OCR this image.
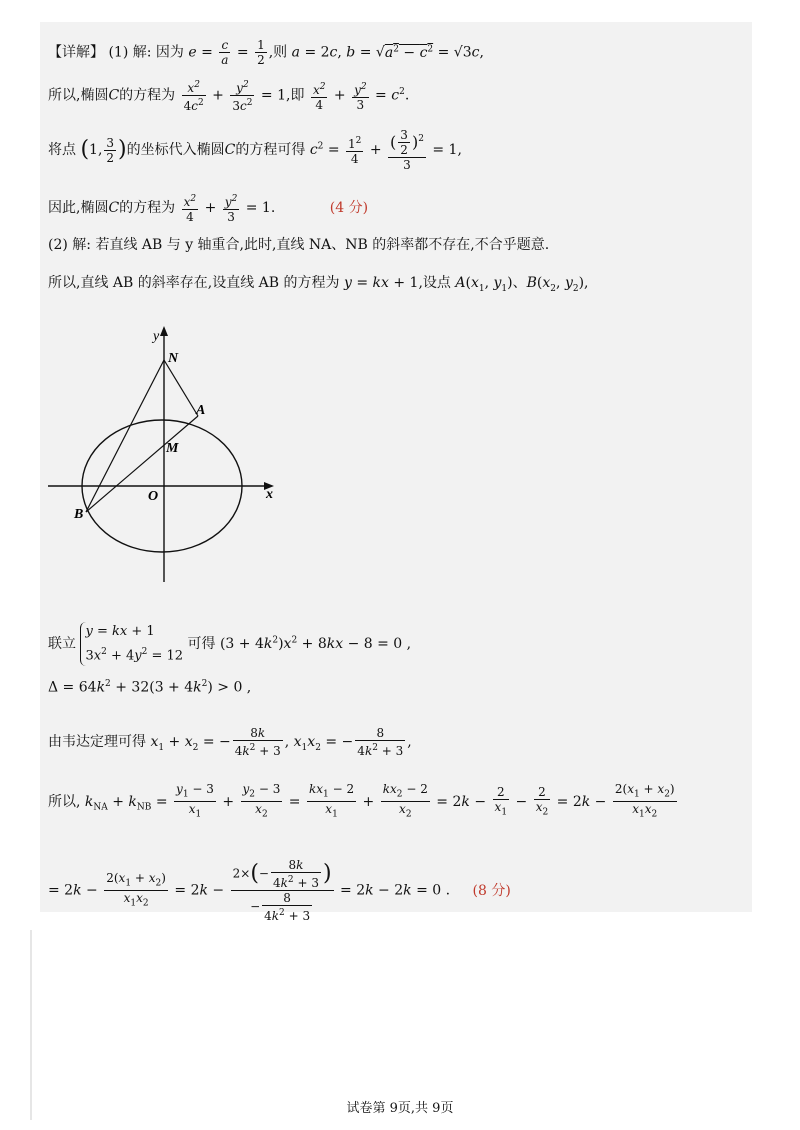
【详解】 (1) 解: 因为 $e = \frac{c}{a} = \frac{1}{2}$ ,则 a = 2c, $b = √a^2 - c^2 = √3c$,
所以,椭圆C的方程为 $\frac{x^2}{4c^2} + \frac{y^2}{3c^2} = 1$,即 $\frac{x^2}{4} + \frac{y^2}{3} = c^2$.
将点 (1, $\frac{3}{2}$ )的坐标代入椭圆C的方程可得 $c^2 = \frac{1^2}{4} + \frac{( \frac{3}{2} )^2}{3} = 1$,
因此,椭圆C的方程为 $\frac{x^2}{4} + \frac{y^2}{3} = 1$.	(4 分)
(2) 解: 若直线 AB 与 y 轴重合,此时,直线 NA、NB 的斜率都不存在,不合乎题意.
所以,直线 AB 的斜率存在,设直线 AB 的方程为 y = kx + 1,设点 $A(x_1$, $y_1$)、$B(x_2$, $y_2$),
y
N
A
M
O	x
B
联立 y = kx + 1
$3x^2 + 4y^2 = 12$ 可得 $(3 + 4k^2)x^2 + 8kx - 8 = 0$ ,
$\Delta = 64k^2 + 32(3 + 4k^2) > 0$ ,
由韦达定理可得 $x_1 + x_2$ = − $\frac{8k}{4k^2 + 3}$ , $x_1x_2$ = − $\frac{8}{4k^2 + 3}$ ,
所以, $k_{NA} + k_{NB} = \frac{y_1 - 3}{x_1} + \frac{y_2 - 3}{x_2} = \frac{kx_1 - 2}{x_1} + \frac{kx_2 - 2}{x_2} = 2k - \frac{2}{x_1} - \frac{2}{x_2} = 2k - \frac{2(x_1 + x_2)}{x_1x_2}$
= $2k - \frac{2(x_1 + x_2)}{x_1x_2} = 2k - \frac{2\times(- \frac{8k}{4k^2 + 3} )}{- \frac{8}{4k^2 + 3}} = 2k - 2k = 0$ . (8 分)
试卷第 9页,共 9页
